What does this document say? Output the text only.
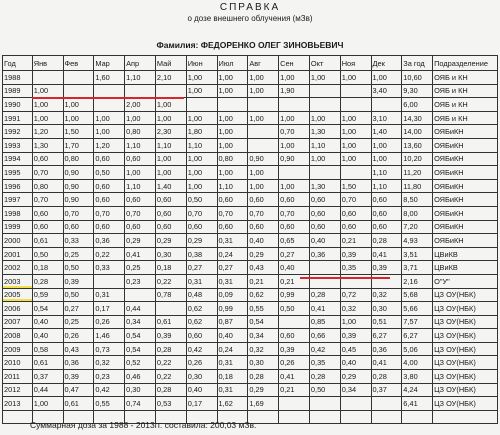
СПРАВКА
о дозе внешнего облучения (мЗв)
Фамилия: ФЕДОРЕНКО ОЛЕГ ЗИНОВЬЕВИЧ
Год	Янв	Фев	Мар	Апр	Май	Июн	Июл	Авг	Сен	Окт	Ноя	Дек	За год	Подразделение
1988			1,60	1,10	2,10	1,00	1,00	1,00	1,00	1,00	1,00	1,00	10,60	ОЯБ и КН
1989	1,00					1,00	1,00	1,00	1,90			3,40	9,30	ОЯБ и КН
1990	1,00	1,00		2,00	1,00								6,00	ОЯБ и КН
1991	1,00	1,00	1,00	1,00	1,00	1,00	1,00	1,00	1,00	1,00	1,00	3,10	14,30	ОЯБ и КН
1992	1,20	1,50	1,00	0,80	2,30	1,80	1,00		0,70	1,30	1,00	1,40	14,00	ОЯБиКН
1993	1,30	1,70	1,20	1,10	1,10	1,10	1,00		1,00	1,10	1,00	1,00	13,60	ОЯБиКН
1994	0,60	0,80	0,60	0,60	1,00	1,00	0,80	0,90	0,90	1,00	1,00	1,00	10,20	ОЯБиКН
1995	0,70	0,90	0,50	1,00	1,00	1,00	1,00	1,00				1,10	11,20	ОЯБиКН
1996	0,80	0,90	0,60	1,10	1,40	1,00	1,10	1,00	1,00	1,30	1,50	1,10	11,80	ОЯБиКН
1997	0,70	0,90	0,60	0,60	0,60	0,50	0,60	0,60	0,60	0,60	0,70	0,60	8,50	ОЯБиКН
1998	0,60	0,70	0,70	0,70	0,60	0,70	0,70	0,70	0,70	0,60	0,60	0,60	8,00	ОЯБиКН
1999	0,60	0,60	0,60	0,60	0,60	0,60	0,60	0,60	0,60	0,60	0,60	0,60	7,20	ОЯБиКН
2000	0,61	0,33	0,36	0,29	0,29	0,29	0,31	0,40	0,65	0,40	0,21	0,28	4,93	ОЯБиКН
2001	0,50	0,25	0,22	0,41	0,30	0,38	0,24	0,29	0,27	0,36	0,39	0,41	3,51	ЦВиКВ
2002	0,18	0,50	0,33	0,25	0,18	0,27	0,27	0,43	0,40		0,35	0,39	3,71	ЦВиКВ
2003	0,28	0,39		0,23	0,22	0,31	0,31	0,21	0,21				2,16	О"У"
2005	0,59	0,50	0,31		0,78	0,48	0,09	0,62	0,99	0,28	0,72	0,32	5,68	ЦЗ ОУ(НБК)
2006	0,54	0,27	0,17	0,44		0,62	0,99	0,55	0,50	0,41	0,32	0,30	5,66	ЦЗ ОУ(НБК)
2007	0,40	0,25	0,26	0,34	0,61	0,62	0,87	0,54		0,85	1,00	0,51	7,57	ЦЗ ОУ(НБК)
2008	0,40	0,26	1,46	0,54	0,39	0,60	0,40	0,34	0,60	0,66	0,39	6,27	6,27	ЦЗ ОУ(НБК)
2009	0,58	0,43	0,73	0,54	0,28	0,42	0,24	0,32	0,39	0,42	0,45	0,36	5,06	ЦЗ ОУ(НБК)
2010	0,61	0,36	0,32	0,52	0,22	0,26	0,31	0,30	0,26	0,35	0,40	0,41	4,00	ЦЗ ОУ(НБК)
2011	0,37	0,39	0,23	0,46	0,22	0,30	0,18	0,28	0,41	0,28	0,29	0,28	3,80	ЦЗ ОУ(НБК)
2012	0,44	0,47	0,42	0,30	0,28	0,40	0,31	0,29	0,21	0,50	0,34	0,37	4,24	ЦЗ ОУ(НБК)
2013	1,00	0,61	0,55	0,74	0,53	0,17	1,62	1,69					6,41	ЦЗ ОУ(НБК)

Суммарная доза за 1988 - 2013гг. составила: 200,03 мЗв.
